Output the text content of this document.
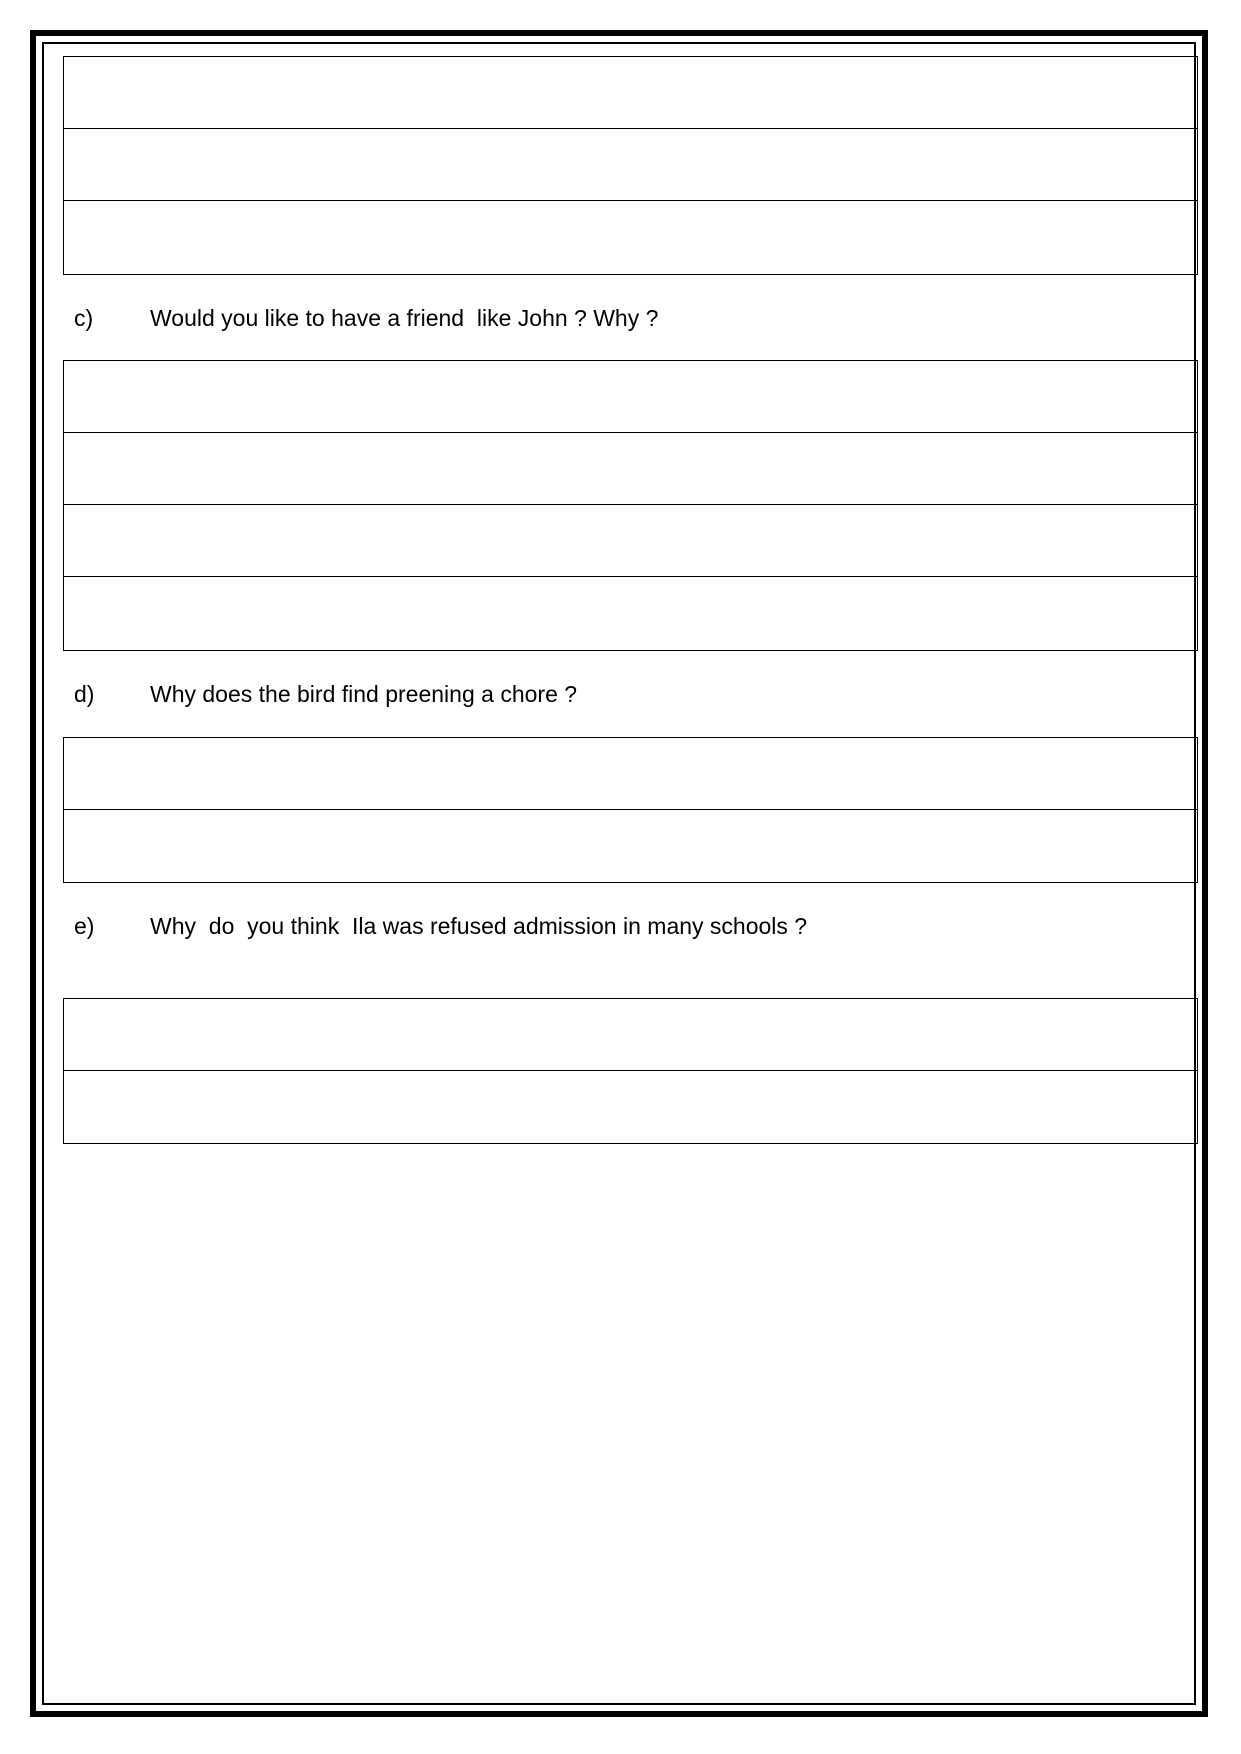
c) Would you like to have a friend  like John ? Why ?
d) Why does the bird find preening a chore ?
e) Why  do  you think  Ila was refused admission in many schools ?
